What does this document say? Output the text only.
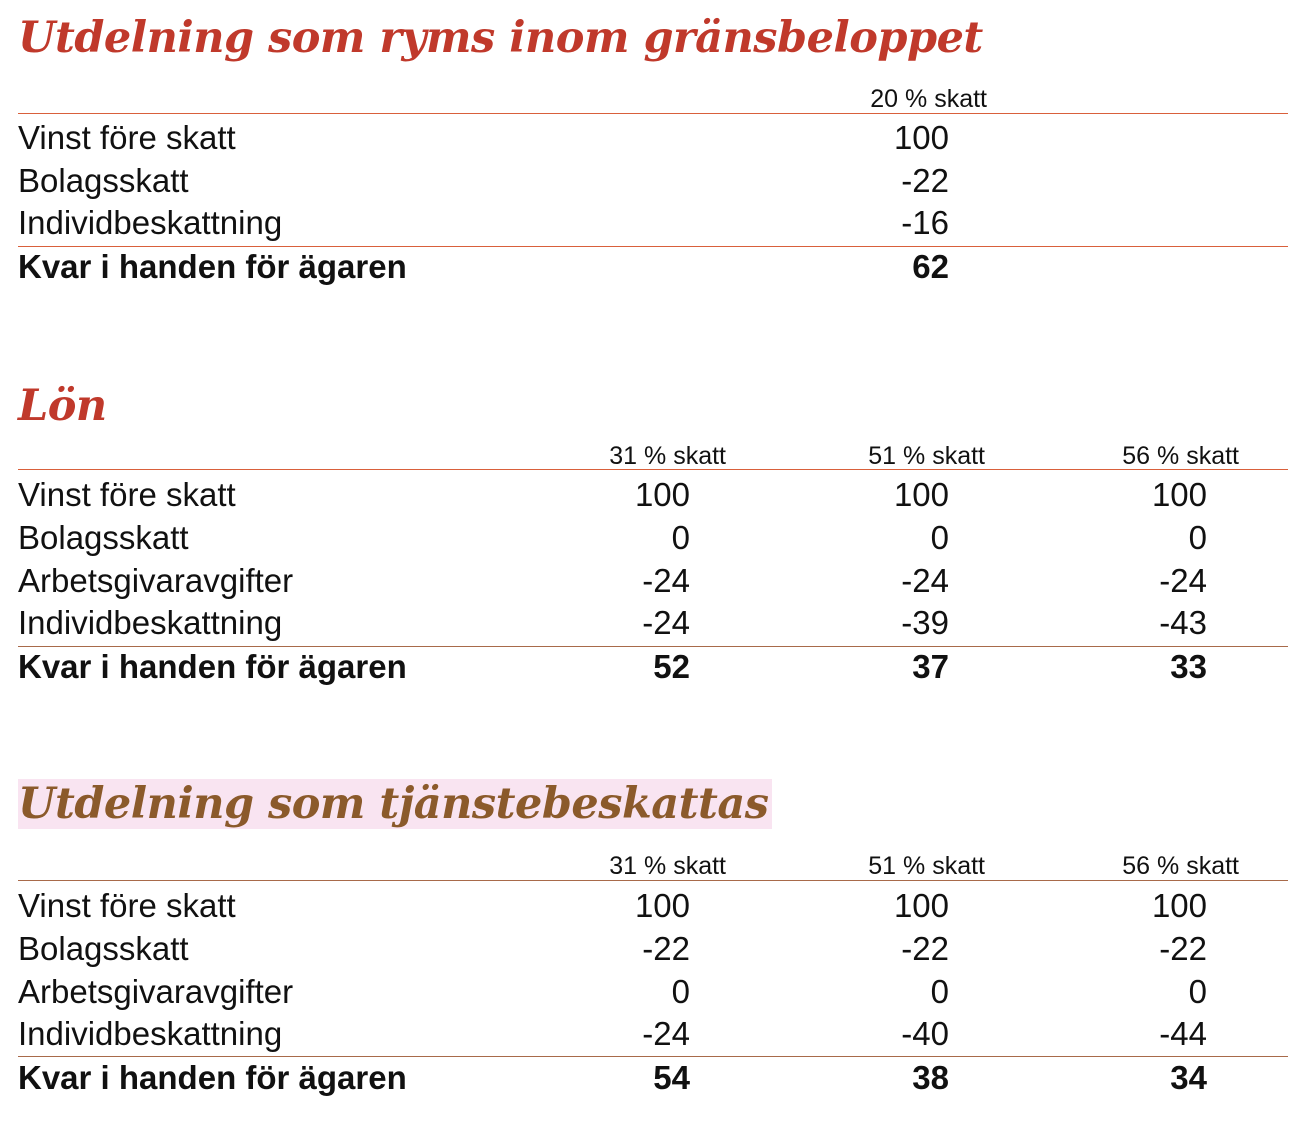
Utdelning som ryms inom gränsbeloppet
20 % skatt
Vinst före skatt	100
Bolagsskatt	-22
Individbeskattning	-16
Kvar i handen för ägaren	62
Lön
31 % skatt	51 % skatt	56 % skatt
Vinst före skatt	100	100	100
Bolagsskatt	0	0	0
Arbetsgivaravgifter	-24	-24	-24
Individbeskattning	-24	-39	-43
Kvar i handen för ägaren	52	37	33
Utdelning som tjänstebeskattas
31 % skatt	51 % skatt	56 % skatt
Vinst före skatt	100	100	100
Bolagsskatt	-22	-22	-22
Arbetsgivaravgifter	0	0	0
Individbeskattning	-24	-40	-44
Kvar i handen för ägaren	54	38	34
